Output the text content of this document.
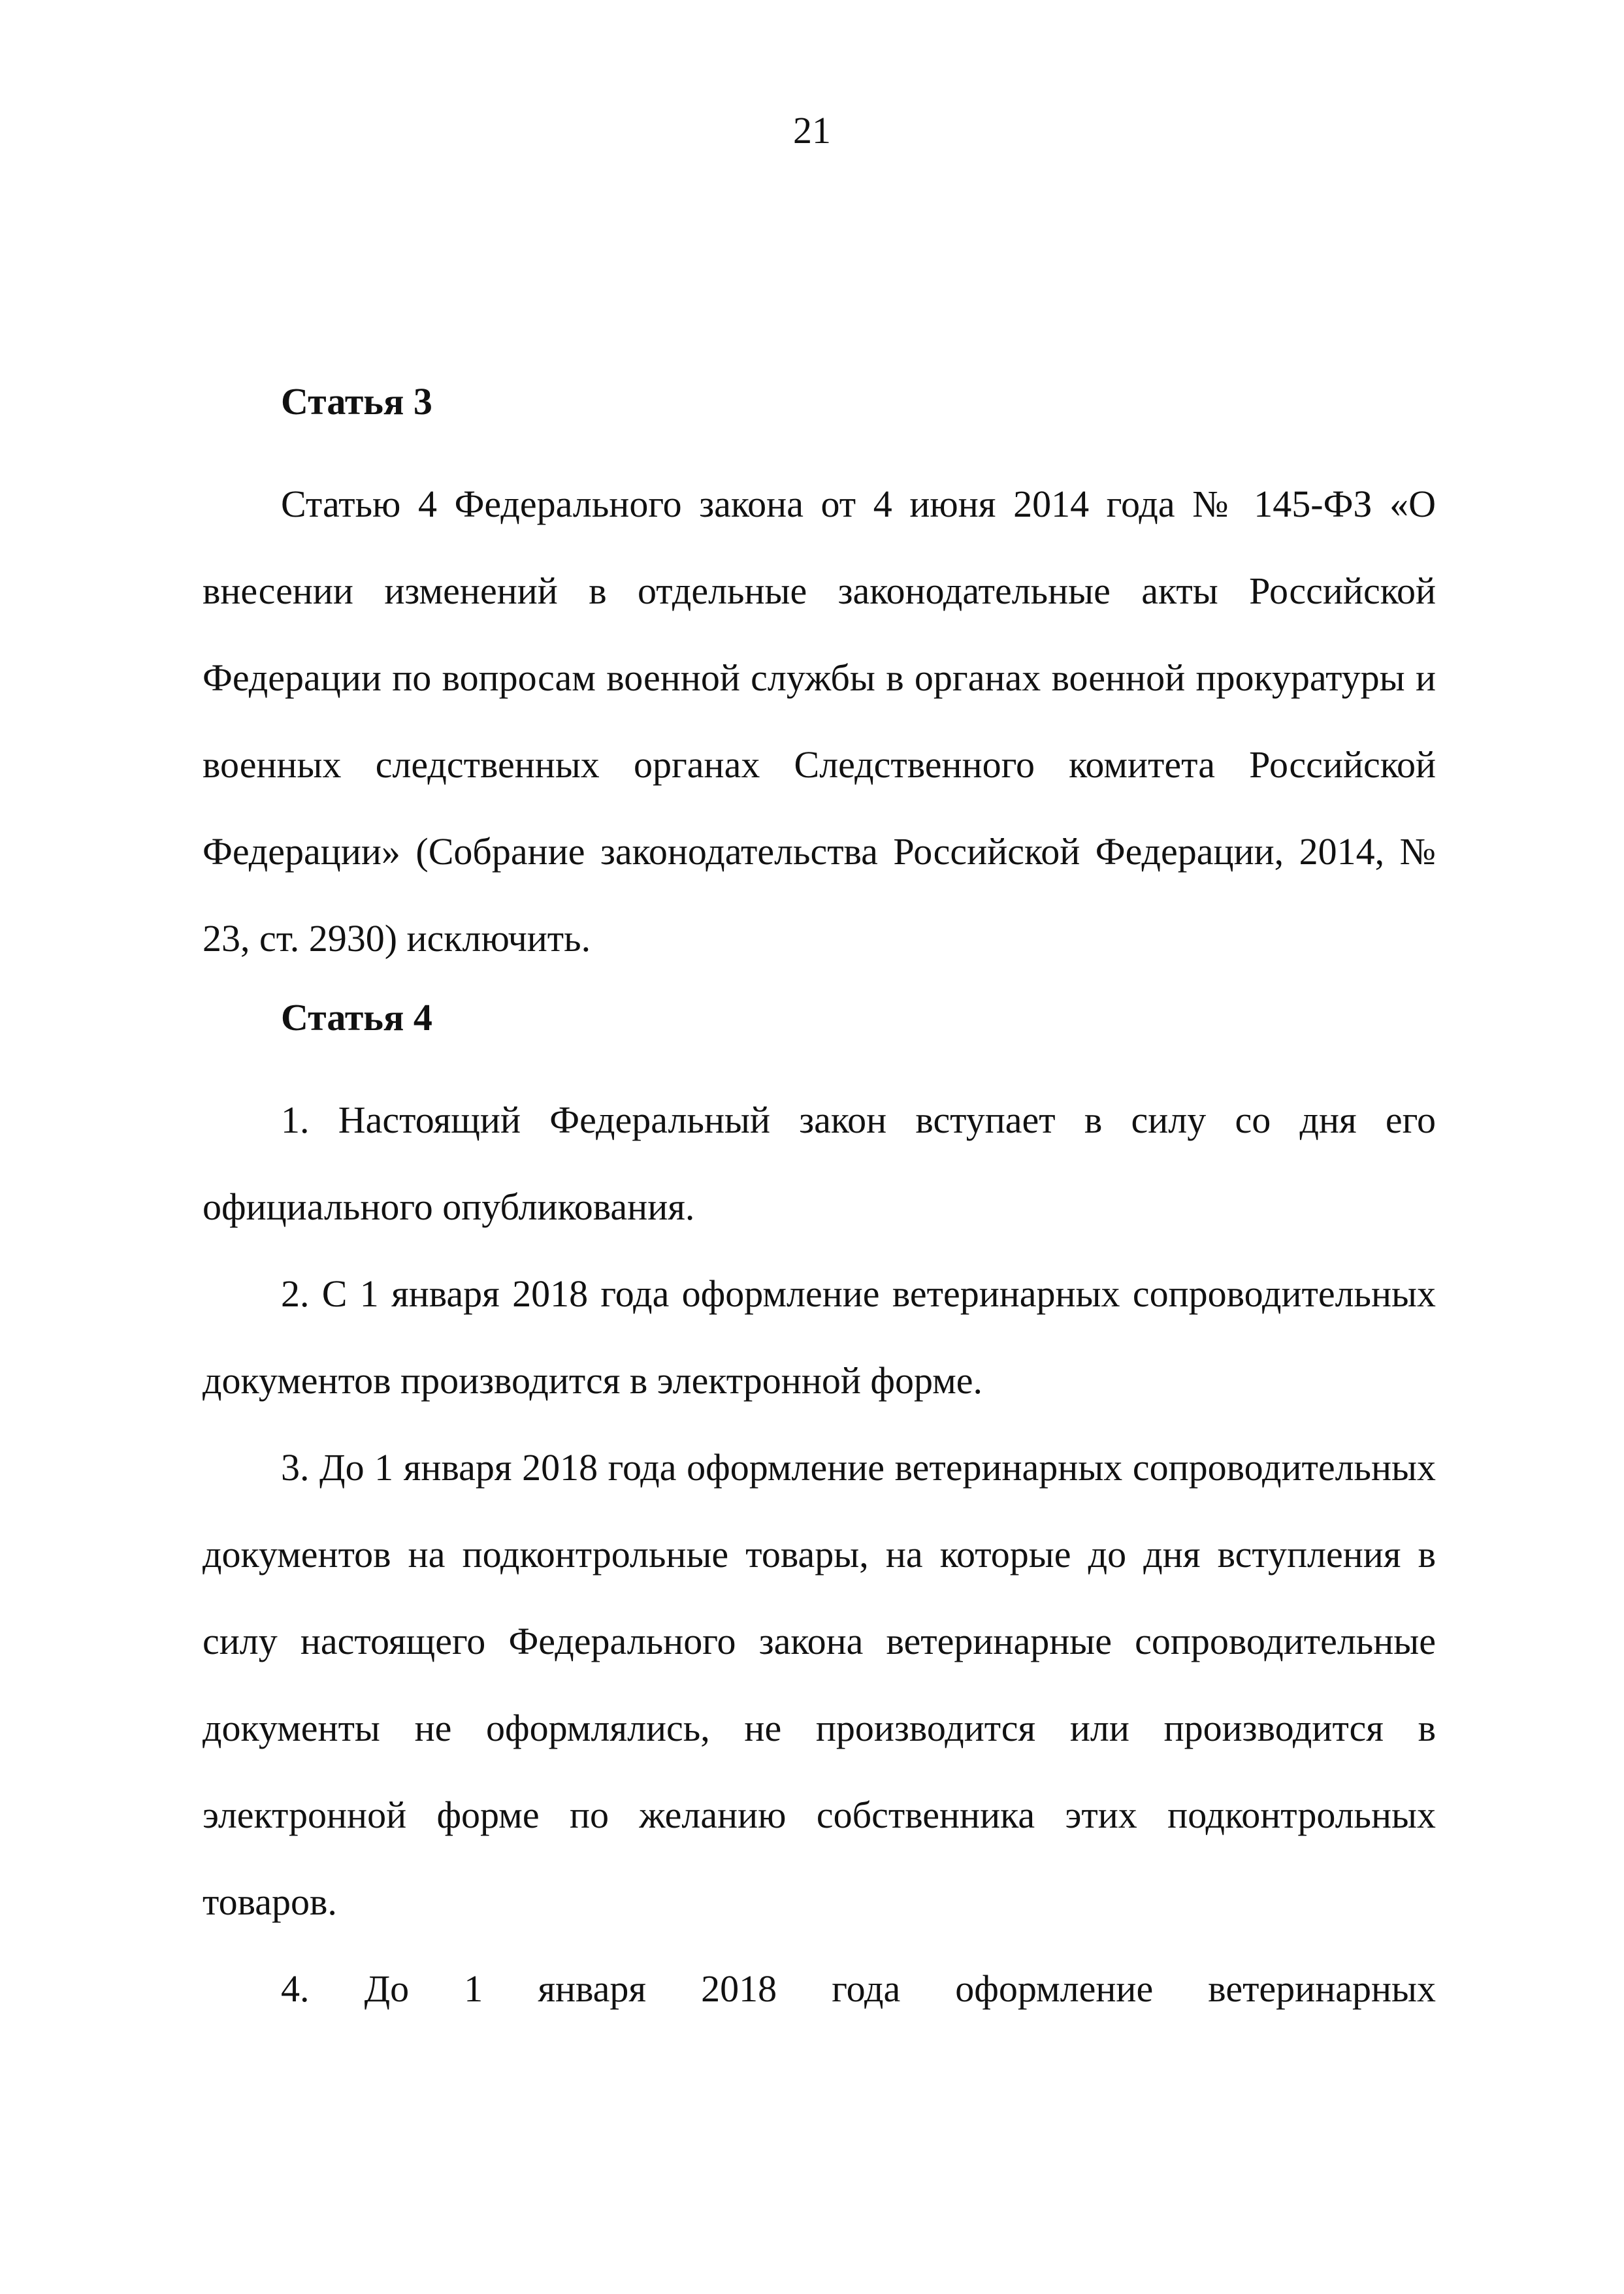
21
Статья 3

Статью 4 Федерального закона от 4 июня 2014 года № 145-ФЗ «О внесении изменений в отдельные законодательные акты Российской Федерации по вопросам военной службы в органах военной прокуратуры и военных следственных органах Следственного комитета Российской Федерации» (Собрание законодательства Российской Федерации, 2014, № 23, ст. 2930) исключить.

Статья 4

1. Настоящий Федеральный закон вступает в силу со дня его официального опубликования.

2. С 1 января 2018 года оформление ветеринарных сопроводительных документов производится в электронной форме.

3. До 1 января 2018 года оформление ветеринарных сопроводительных документов на подконтрольные товары, на которые до дня вступления в силу настоящего Федерального закона ветеринарные сопроводительные документы не оформлялись, не производится или производится в электронной форме по желанию собственника этих подконтрольных товаров.

4. До 1 января 2018 года оформление ветеринарных
